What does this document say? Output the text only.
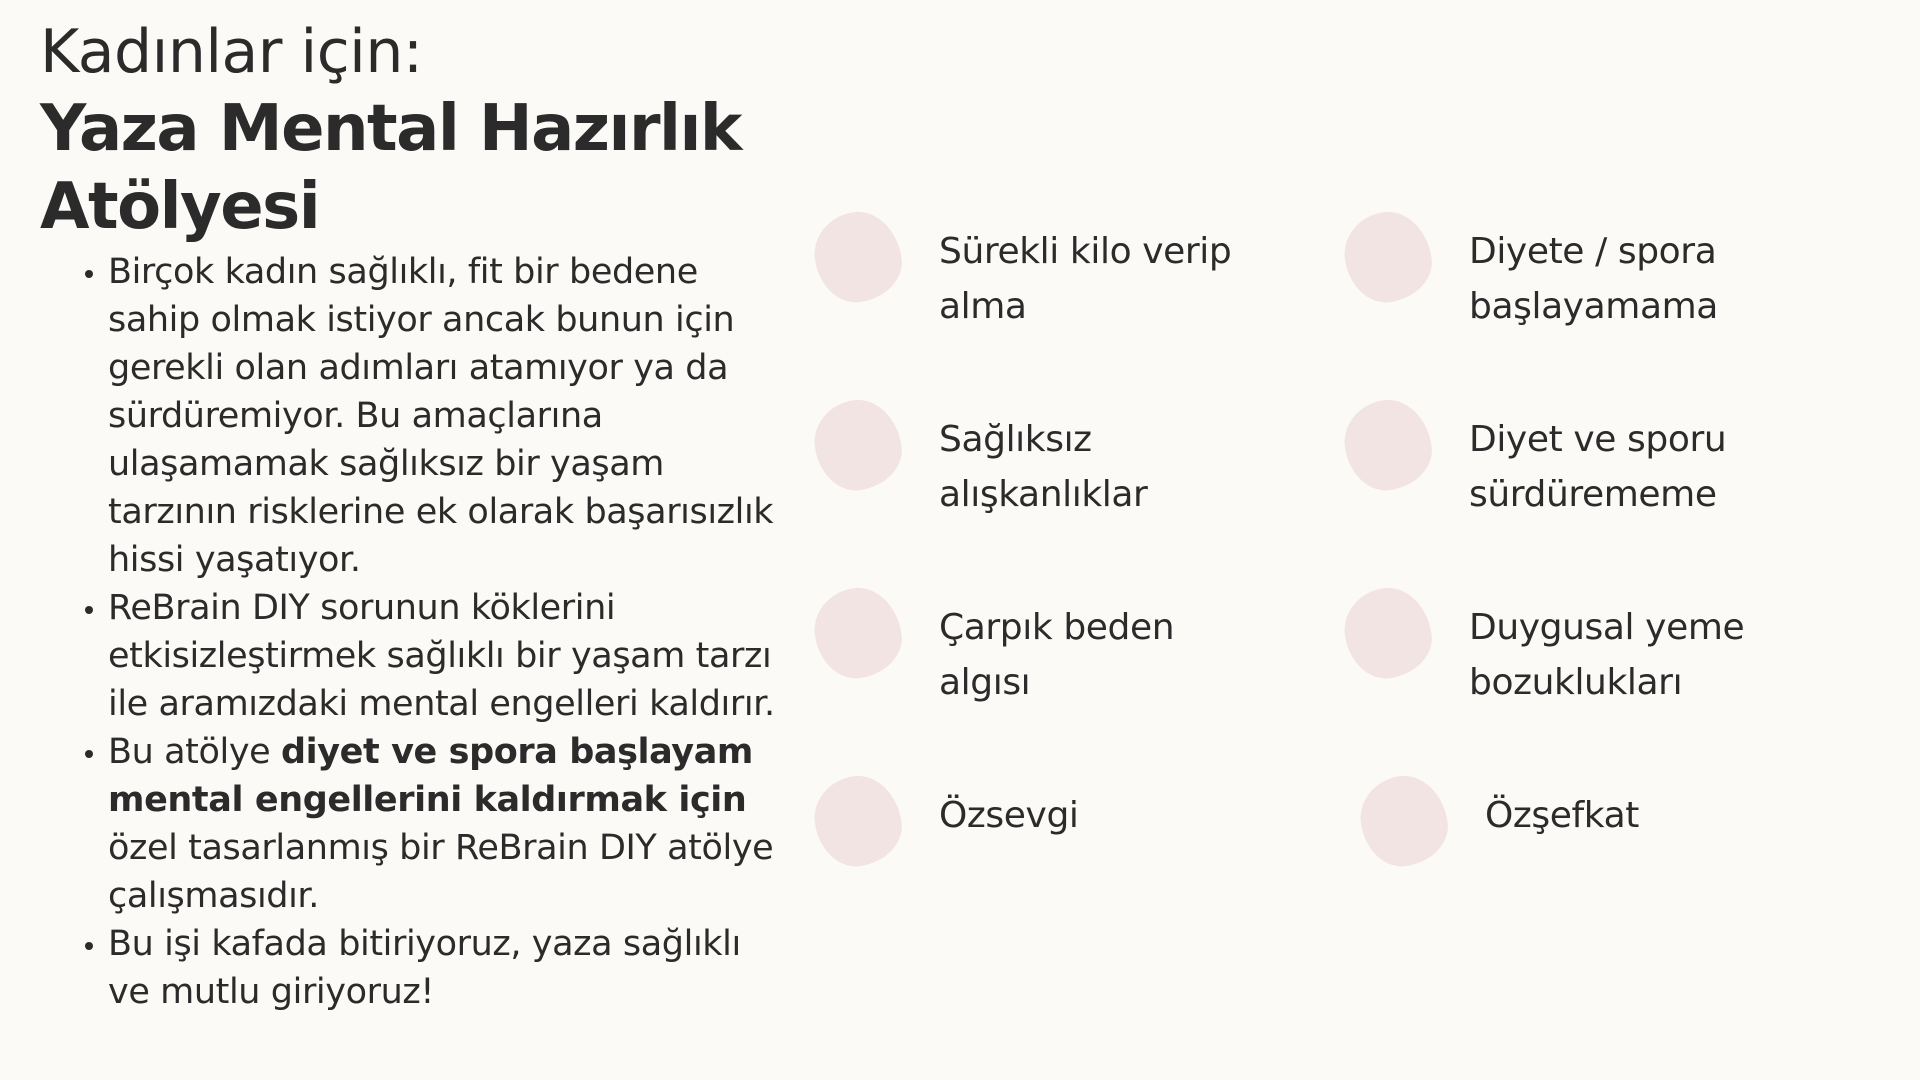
Kadınlar için:
Yaza Mental Hazırlık
Atölyesi
Birçok kadın sağlıklı, fit bir bedene sahip olmak istiyor ancak bunun için gerekli olan adımları atamıyor ya da sürdüremiyor. Bu amaçlarına ulaşamamak sağlıksız bir yaşam tarzının risklerine ek olarak başarısızlık hissi yaşatıyor.
ReBrain DIY sorunun köklerini etkisizleştirmek sağlıklı bir yaşam tarzı ile aramızdaki mental engelleri kaldırır.
Bu atölye diyet ve spora başlayam mental engellerini kaldırmak için özel tasarlanmış bir ReBrain DIY atölye çalışmasıdır.
Bu işi kafada bitiriyoruz, yaza sağlıklı ve mutlu giriyoruz!
Sürekli kilo verip
alma
Diyete / spora
başlayamama
Sağlıksız
alışkanlıklar
Diyet ve sporu
sürdürememe
Çarpık beden
algısı
Duygusal yeme
bozuklukları
Özsevgi	Özşefkat
